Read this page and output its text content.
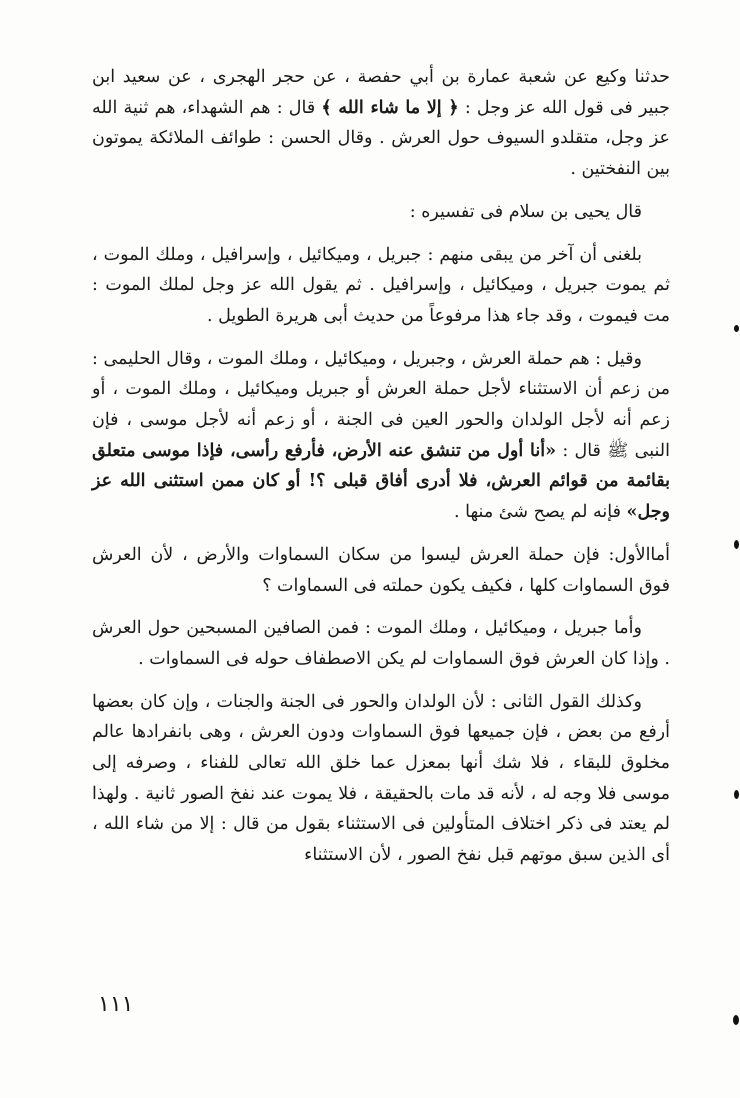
حدثنا وكيع عن شعبة عمارة بن أبي حفصة ، عن حجر الهجرى ، عن سعيد ابن جبير فى قول الله عز وجل : ﴿ إلا ما شاء الله ﴾ قال : هم الشهداء، هم ثنية الله عز وجل، متقلدو السيوف حول العرش . وقال الحسن : طوائف الملائكة يموتون بين النفختين .

قال يحيى بن سلام فى تفسيره :

بلغنى أن آخر من يبقى منهم : جبريل ، وميكائيل ، وإسرافيل ، وملك الموت ، ثم يموت جبريل ، وميكائيل ، وإسرافيل . ثم يقول الله عز وجل لملك الموت : مت فيموت ، وقد جاء هذا مرفوعاً من حديث أبى هريرة الطويل .

وقيل : هم حملة العرش ، وجبريل ، وميكائيل ، وملك الموت ، وقال الحليمى : من زعم أن الاستثناء لأجل حملة العرش أو جبريل وميكائيل ، وملك الموت ، أو زعم أنه لأجل الولدان والحور العين فى الجنة ، أو زعم أنه لأجل موسى ، فإن النبى ﷺ قال : «أنا أول من تنشق عنه الأرض، فأرفع رأسى، فإذا موسى متعلق بقائمة من قوائم العرش، فلا أدرى أفاق قبلى ؟! أو كان ممن استثنى الله عز وجل» فإنه لم يصح شئ منها .

أماالأول: فإن حملة العرش ليسوا من سكان السماوات والأرض ، لأن العرش فوق السماوات كلها ، فكيف يكون حملته فى السماوات ؟

وأما جبريل ، وميكائيل ، وملك الموت : فمن الصافين المسبحين حول العرش . وإذا كان العرش فوق السماوات لم يكن الاصطفاف حوله فى السماوات .

وكذلك القول الثانى : لأن الولدان والحور فى الجنة والجنات ، وإن كان بعضها أرفع من بعض ، فإن جميعها فوق السماوات ودون العرش ، وهى بانفرادها عالم مخلوق للبقاء ، فلا شك أنها بمعزل عما خلق الله تعالى للفناء ، وصرفه إلى موسى فلا وجه له ، لأنه قد مات بالحقيقة ، فلا يموت عند نفخ الصور ثانية . ولهذا لم يعتد فى ذكر اختلاف المتأولين فى الاستثناء بقول من قال : إلا من شاء الله ، أى الذين سبق موتهم قبل نفخ الصور ، لأن الاستثناء

١١١
